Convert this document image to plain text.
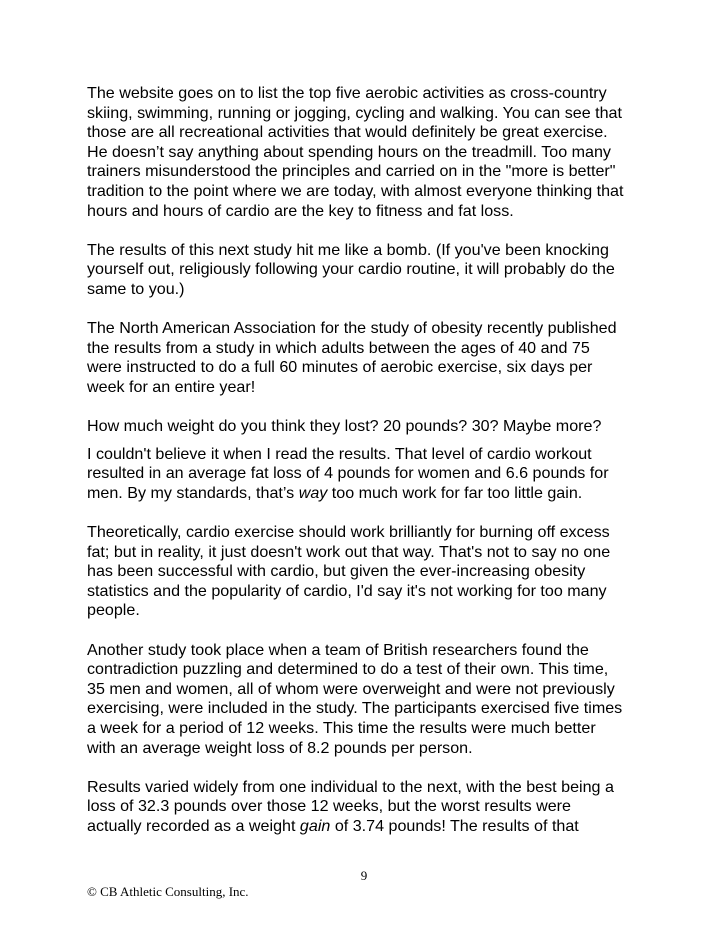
The website goes on to list the top five aerobic activities as cross-country
skiing, swimming, running or jogging, cycling and walking. You can see that
those are all recreational activities that would definitely be great exercise.
He doesn’t say anything about spending hours on the treadmill. Too many
trainers misunderstood the principles and carried on in the "more is better"
tradition to the point where we are today, with almost everyone thinking that
hours and hours of cardio are the key to fitness and fat loss.

The results of this next study hit me like a bomb. (If you've been knocking
yourself out, religiously following your cardio routine, it will probably do the
same to you.)

The North American Association for the study of obesity recently published
the results from a study in which adults between the ages of 40 and 75
were instructed to do a full 60 minutes of aerobic exercise, six days per
week for an entire year!

How much weight do you think they lost? 20 pounds? 30? Maybe more?

I couldn't believe it when I read the results. That level of cardio workout
resulted in an average fat loss of 4 pounds for women and 6.6 pounds for
men. By my standards, that’s way too much work for far too little gain.

Theoretically, cardio exercise should work brilliantly for burning off excess
fat; but in reality, it just doesn't work out that way. That's not to say no one
has been successful with cardio, but given the ever-increasing obesity
statistics and the popularity of cardio, I'd say it's not working for too many
people.

Another study took place when a team of British researchers found the
contradiction puzzling and determined to do a test of their own. This time,
35 men and women, all of whom were overweight and were not previously
exercising, were included in the study. The participants exercised five times
a week for a period of 12 weeks. This time the results were much better
with an average weight loss of 8.2 pounds per person.

Results varied widely from one individual to the next, with the best being a
loss of 32.3 pounds over those 12 weeks, but the worst results were
actually recorded as a weight gain of 3.74 pounds! The results of that

9
© CB Athletic Consulting, Inc.
